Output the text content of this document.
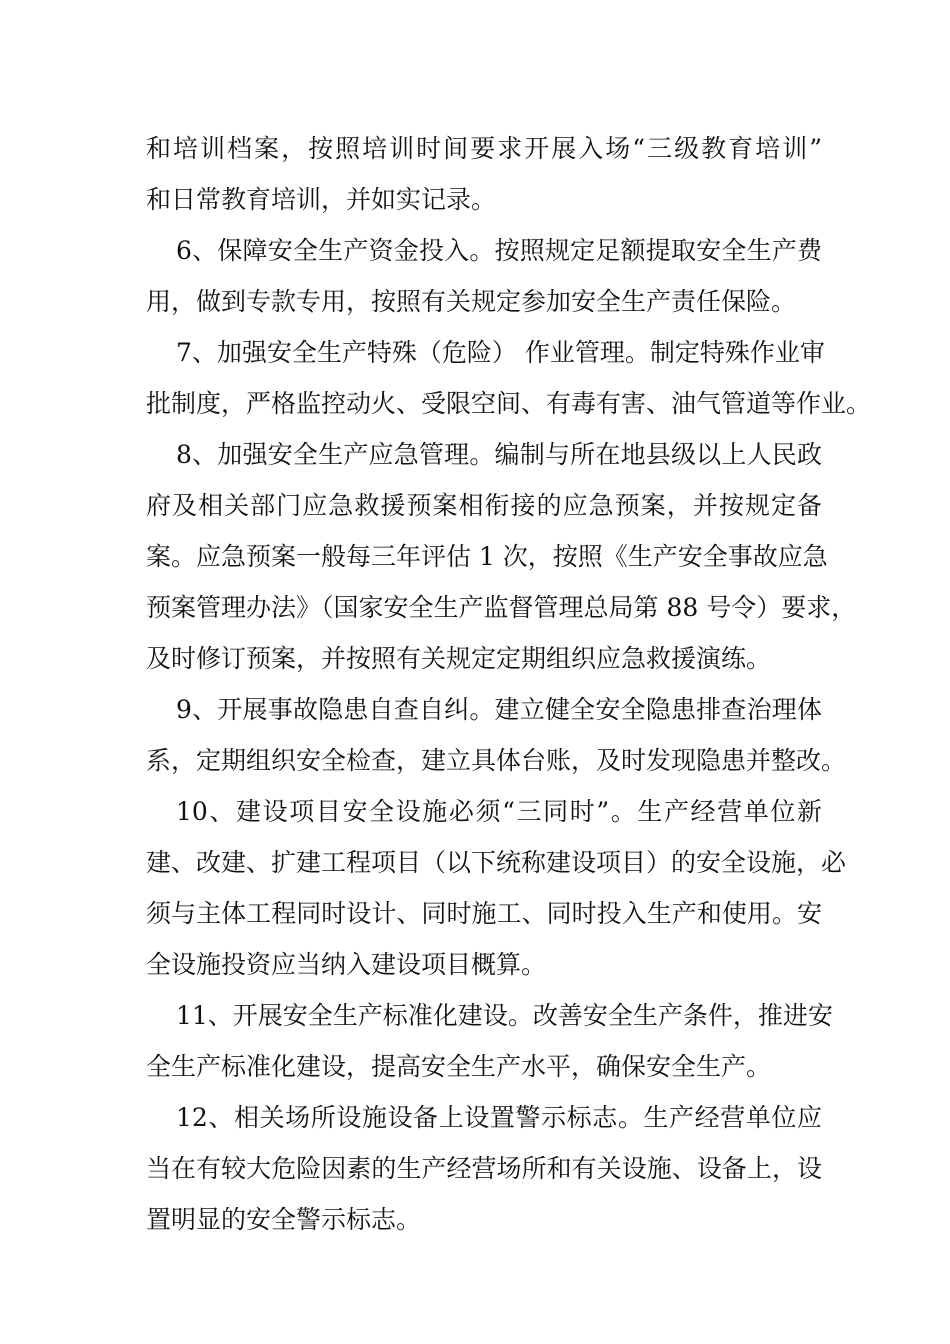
和培训档案，按照培训时间要求开展入场“三级教育培训”

和日常教育培训，并如实记录。

6、保障安全生产资金投入。按照规定足额提取安全生产费

用，做到专款专用，按照有关规定参加安全生产责任保险。

7、加强安全生产特殊（危险） 作业管理。制定特殊作业审

批制度，严格监控动火、受限空间、有毒有害、油气管道等作业。

8、加强安全生产应急管理。编制与所在地县级以上人民政

府及相关部门应急救援预案相衔接的应急预案，并按规定备

案。应急预案一般每三年评估 1 次，按照《生产安全事故应急

预案管理办法》（国家安全生产监督管理总局第 88 号令）要求，

及时修订预案，并按照有关规定定期组织应急救援演练。

9、开展事故隐患自查自纠。建立健全安全隐患排查治理体

系，定期组织安全检查，建立具体台账，及时发现隐患并整改。

10、建设项目安全设施必须“三同时”。生产经营单位新

建、改建、扩建工程项目（以下统称建设项目）的安全设施，必

须与主体工程同时设计、同时施工、同时投入生产和使用。安

全设施投资应当纳入建设项目概算。

11、开展安全生产标准化建设。改善安全生产条件，推进安

全生产标准化建设，提高安全生产水平，确保安全生产。

12、相关场所设施设备上设置警示标志。生产经营单位应

当在有较大危险因素的生产经营场所和有关设施、设备上，设

置明显的安全警示标志。
